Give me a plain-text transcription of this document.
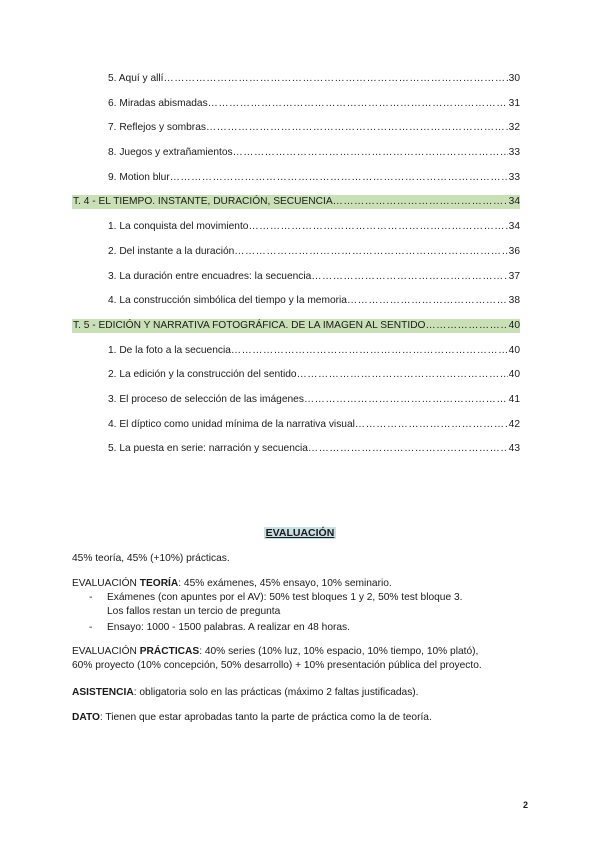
5. Aquí y allí …………………………………………………………………………………………………………………………………………………………	30
6. Miradas abismadas …………………………………………………………………………………………………………………………………………………………	31
7. Reflejos y sombras …………………………………………………………………………………………………………………………………………………………	32
8. Juegos y extrañamientos …………………………………………………………………………………………………………………………………………………………	33
9. Motion blur …………………………………………………………………………………………………………………………………………………………	33
T. 4 - EL TIEMPO. INSTANTE, DURACIÓN, SECUENCIA …………………………………………………………………………………………………………………………………………………………	34
1. La conquista del movimiento …………………………………………………………………………………………………………………………………………………………	34
2. Del instante a la duración …………………………………………………………………………………………………………………………………………………………	36
3. La duración entre encuadres: la secuencia …………………………………………………………………………………………………………………………………………………………	37
4. La construcción simbólica del tiempo y la memoria …………………………………………………………………………………………………………………………………………………………	38
T. 5 - EDICIÓN Y NARRATIVA FOTOGRÁFICA. DE LA IMAGEN AL SENTIDO …………………………………………………………………………………………………………………………………………………………	40
1. De la foto a la secuencia …………………………………………………………………………………………………………………………………………………………	40
2. La edición y la construcción del sentido …………………………………………………………………………………………………………………………………………………………	40
3. El proceso de selección de las imágenes …………………………………………………………………………………………………………………………………………………………	41
4. El díptico como unidad mínima de la narrativa visual …………………………………………………………………………………………………………………………………………………………	42
5. La puesta en serie: narración y secuencia …………………………………………………………………………………………………………………………………………………………	43
EVALUACIÓN
45% teoría, 45% (+10%) prácticas.
EVALUACIÓN TEORÍA: 45% exámenes, 45% ensayo, 10% seminario.
- Exámenes (con apuntes por el AV): 50% test bloques 1 y 2, 50% test bloque 3.
Los fallos restan un tercio de pregunta
- Ensayo: 1000 - 1500 palabras. A realizar en 48 horas.
EVALUACIÓN PRÁCTICAS: 40% series (10% luz, 10% espacio, 10% tiempo, 10% plató),
60% proyecto (10% concepción, 50% desarrollo) + 10% presentación pública del proyecto.
ASISTENCIA: obligatoria solo en las prácticas (máximo 2 faltas justificadas).
DATO: Tienen que estar aprobadas tanto la parte de práctica como la de teoría.
2
